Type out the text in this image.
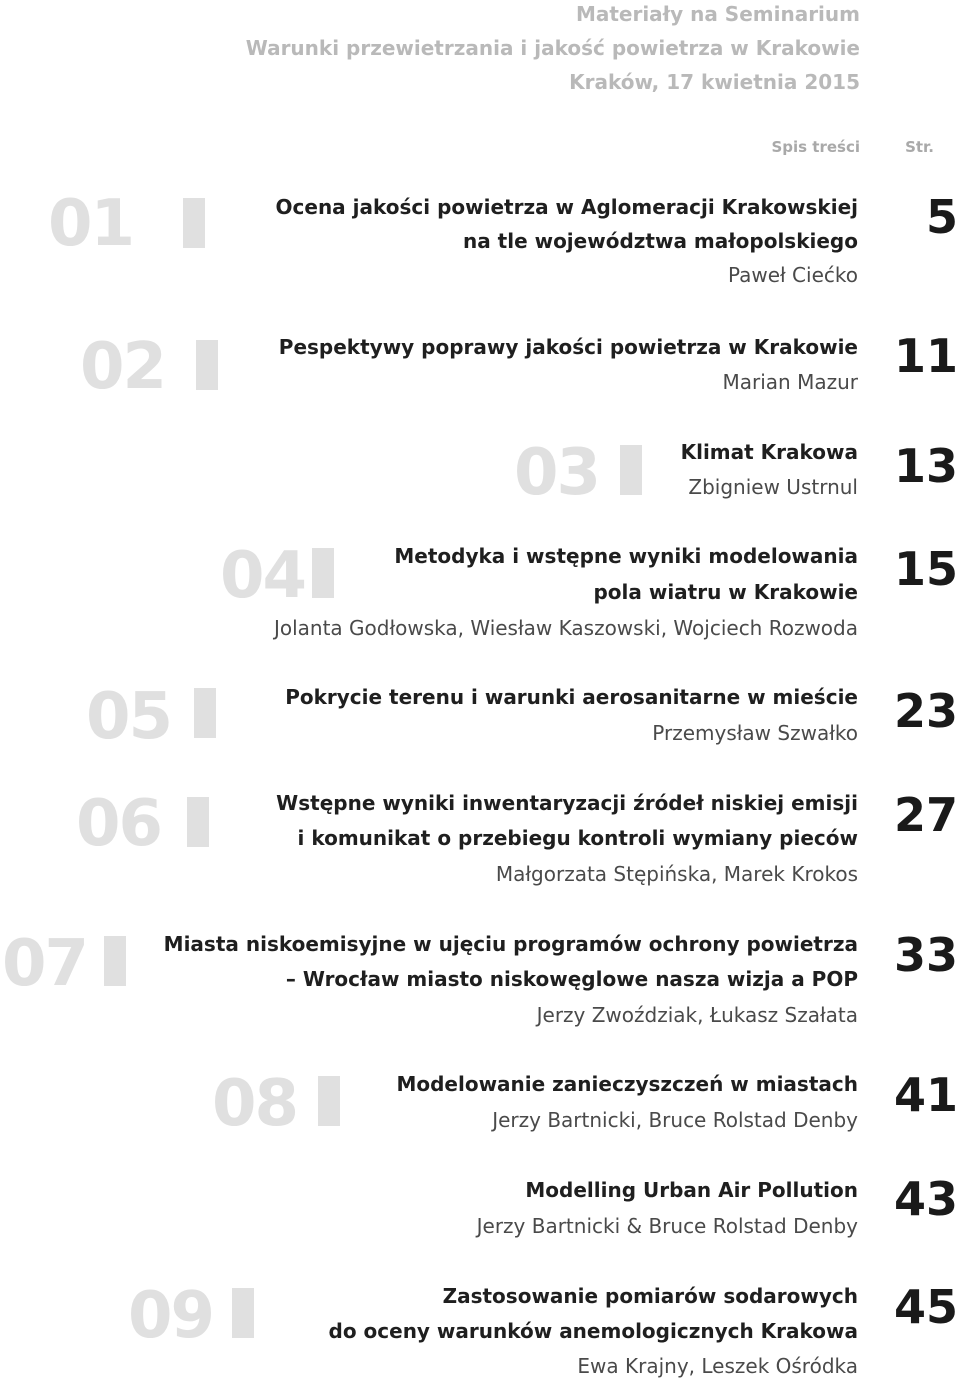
Materiały na Seminarium
Warunki przewietrzania i jakość powietrza w Krakowie
Kraków, 17 kwietnia 2015
Spis treści	Str.
01	Ocena jakości powietrza w Aglomeracji Krakowskiej
na tle województwa małopolskiego
Paweł Ciećko
5
02	Pespektywy poprawy jakości powietrza w Krakowie
Marian Mazur 11
03	Klimat Krakowa
Zbigniew Ustrnul 13
04	Metodyka i wstępne wyniki modelowania
pola wiatru w Krakowie
Jolanta Godłowska, Wiesław Kaszowski, Wojciech Rozwoda
15
05	Pokrycie terenu i warunki aerosanitarne w mieście
Przemysław Szwałko 23
06	Wstępne wyniki inwentaryzacji źródeł niskiej emisji
i komunikat o przebiegu kontroli wymiany pieców
Małgorzata Stępińska, Marek Krokos
27
07	Miasta niskoemisyjne w ujęciu programów ochrony powietrza
– Wrocław miasto niskowęglowe nasza wizja a POP
Jerzy Zwoździak, Łukasz Szałata
33
08	Modelowanie zanieczyszczeń w miastach
Jerzy Bartnicki, Bruce Rolstad Denby 41
Modelling Urban Air Pollution
Jerzy Bartnicki & Bruce Rolstad Denby 43
09	Zastosowanie pomiarów sodarowych
do oceny warunków anemologicznych Krakowa
Ewa Krajny, Leszek Ośródka
45
